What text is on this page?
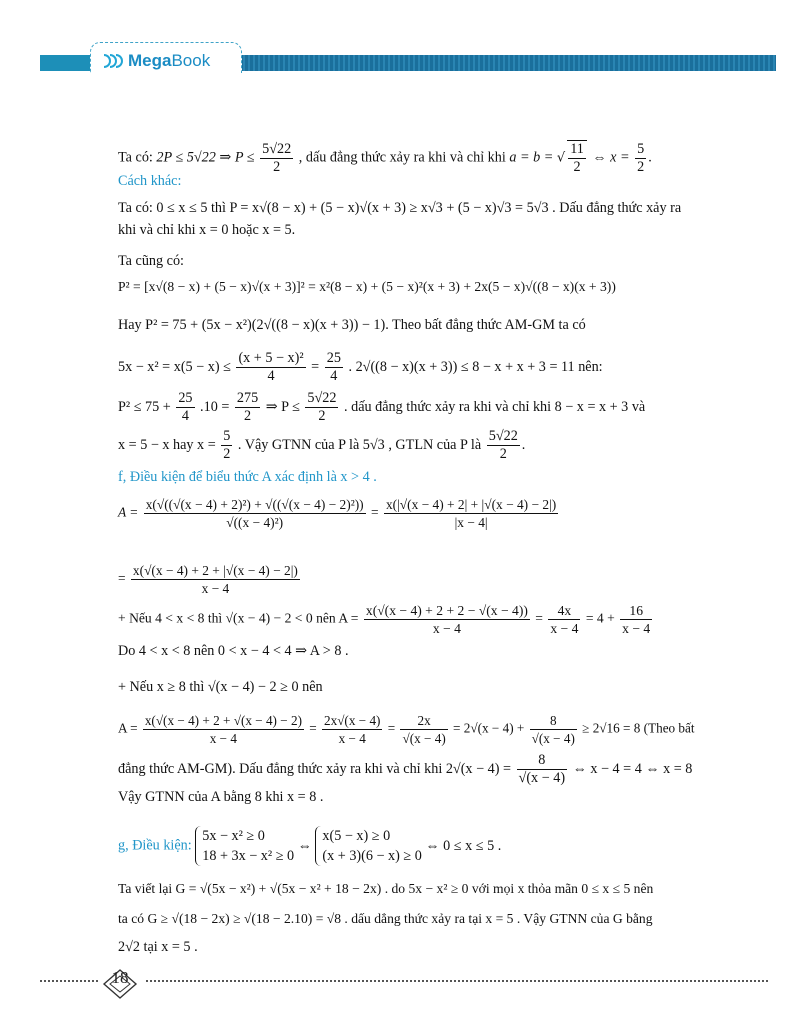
Mega Book
Ta có: 2P ≤ 5√22 ⇒ $P \le \frac{5√22}{2}$ , dấu đẳng thức xảy ra khi và chỉ khi a = b = √ $\frac{11}{2}$ ⇔ $x = \frac{5}{2}$ .
Cách khác:
Ta có: 0 ≤ x ≤ 5 thì P = x√(8 − x) + (5 − x)√(x + 3) ≥ x√3 + (5 − x)√3 = 5√3 . Dấu đẳng thức xảy ra
khi và chỉ khi x = 0 hoặc x = 5.
Ta cũng có:
P² = [x√(8 − x) + (5 − x)√(x + 3)]² = x²(8 − x) + (5 − x)²(x + 3) + 2x(5 − x)√((8 − x)(x + 3))
Hay P² = 75 + (5x − x²)(2√((8 − x)(x + 3)) − 1). Theo bất đẳng thức AM-GM ta có
$5x - x^2 = x(5 - x) \le \frac{\text{(x + 5 − x)²}}{4} = \frac{25}{4}$ . 2√((8 − x)(x + 3)) ≤ 8 − x + x + 3 = 11 nên:
$P^2 \le 75 + \frac{25}{4} .10 = \frac{275}{2}$ ⇒ $P \le \frac{5√22}{2}$ . dấu đẳng thức xảy ra khi và chỉ khi 8 − x = x + 3 và
x = 5 − x hay $x = \frac{5}{2}$ . Vậy GTNN của P là 5√3 , GTLN của P là $\frac{5√22}{2}$ .
f, Điều kiện để biểu thức A xác định là x > 4 .
$A = \frac{\text{x(√((√(x − 4) + 2)²) + √((√(x − 4) − 2)²))}}{\text{√((x − 4)²)}} = \frac{x(|√(x - 4) + 2| + |√(x - 4) - 2|)}{|x - 4|}$
= $\frac{x(√(x - 4) + 2 + |√(x - 4) - 2|)}{x - 4}$
+ Nếu 4 < x < 8 thì √(x − 4) − 2 < 0 nên $A = \frac{x(√(x - 4) + 2 + 2 - √(x - 4))}{x - 4} = \frac{4x}{x - 4} = 4 + \frac{16}{x - 4}$
Do 4 < x < 8 nên 0 < x − 4 < 4 ⇒ A > 8 .
+ Nếu x ≥ 8 thì √(x − 4) − 2 ≥ 0 nên
$A = \frac{x(√(x - 4) + 2 + √(x - 4) - 2)}{x - 4} = \frac{2x√(x - 4)}{x - 4} = \frac{2x}{√(x - 4)} = 2√(x - 4) + \frac{8}{√(x - 4)} \ge 2√16 = 8$ (Theo bất
đẳng thức AM-GM). Dấu đẳng thức xảy ra khi và chỉ khi $2√(x - 4) = \frac{8}{√(x - 4)}$ ⇔ x − 4 = 4 ⇔ x = 8
Vậy GTNN của A bằng 8 khi x = 8 .
g, Điều kiện:
5x − x² ≥ 0
18 + 3x − x² ≥ 0
⇔
x(5 − x) ≥ 0
(x + 3)(6 − x) ≥ 0
⇔ 0 ≤ x ≤ 5 .
Ta viết lại G = √(5x − x²) + √(5x − x² + 18 − 2x) . do 5x − x² ≥ 0 với mọi x thỏa mãn 0 ≤ x ≤ 5 nên
ta có G ≥ √(18 − 2x) ≥ √(18 − 2.10) = √8 . dấu dẳng thức xảy ra tại x = 5 . Vậy GTNN của G bằng
2√2 tại x = 5 .
18
